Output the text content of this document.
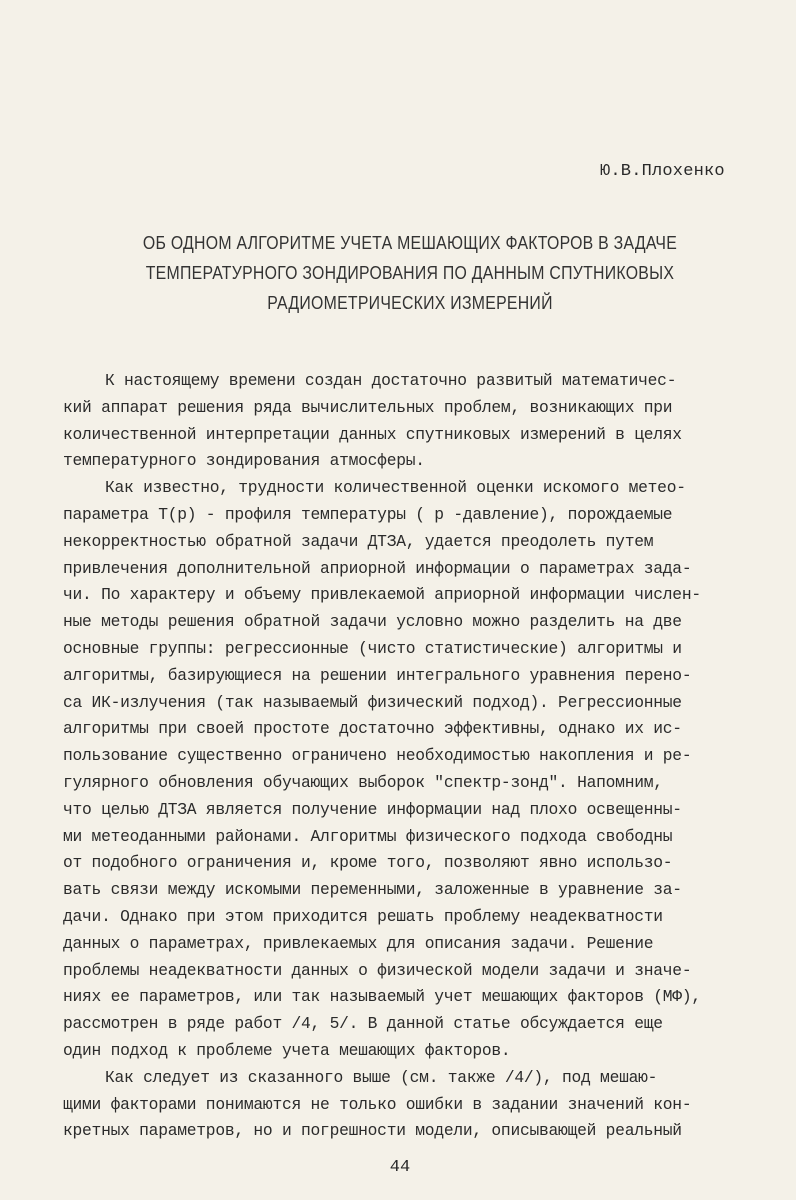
Ю.В.Плохенко
ОБ ОДНОМ АЛГОРИТМЕ УЧЕТА МЕШАЮЩИХ ФАКТОРОВ В ЗАДАЧЕ
ТЕМПЕРАТУРНОГО ЗОНДИРОВАНИЯ ПО ДАННЫМ СПУТНИКОВЫХ
РАДИОМЕТРИЧЕСКИХ ИЗМЕРЕНИЙ
К настоящему времени создан достаточно развитый математичес-
кий аппарат решения ряда вычислительных проблем, возникающих при
количественной интерпретации данных спутниковых измерений в целях
температурного зондирования атмосферы.
Как известно, трудности количественной оценки искомого метео-
параметра T(p) - профиля температуры ( p -давление), порождаемые
некорректностью обратной задачи ДТЗА, удается преодолеть путем
привлечения дополнительной априорной информации о параметрах зада-
чи. По характеру и объему привлекаемой априорной информации числен-
ные методы решения обратной задачи условно можно разделить на две
основные группы: регрессионные (чисто статистические) алгоритмы и
алгоритмы, базирующиеся на решении интегрального уравнения перено-
са ИК-излучения (так называемый физический подход). Регрессионные
алгоритмы при своей простоте достаточно эффективны, однако их ис-
пользование существенно ограничено необходимостью накопления и ре-
гулярного обновления обучающих выборок "спектр-зонд". Напомним,
что целью ДТЗА является получение информации над плохо освещенны-
ми метеоданными районами. Алгоритмы физического подхода свободны
от подобного ограничения и, кроме того, позволяют явно использо-
вать связи между искомыми переменными, заложенные в уравнение за-
дачи. Однако при этом приходится решать проблему неадекватности
данных о параметрах, привлекаемых для описания задачи. Решение
проблемы неадекватности данных о физической модели задачи и значе-
ниях ее параметров, или так называемый учет мешающих факторов (МФ),
рассмотрен в ряде работ /4, 5/. В данной статье обсуждается еще
один подход к проблеме учета мешающих факторов.
Как следует из сказанного выше (см. также /4/), под мешаю-
щими факторами понимаются не только ошибки в задании значений кон-
кретных параметров, но и погрешности модели, описывающей реальный
44
